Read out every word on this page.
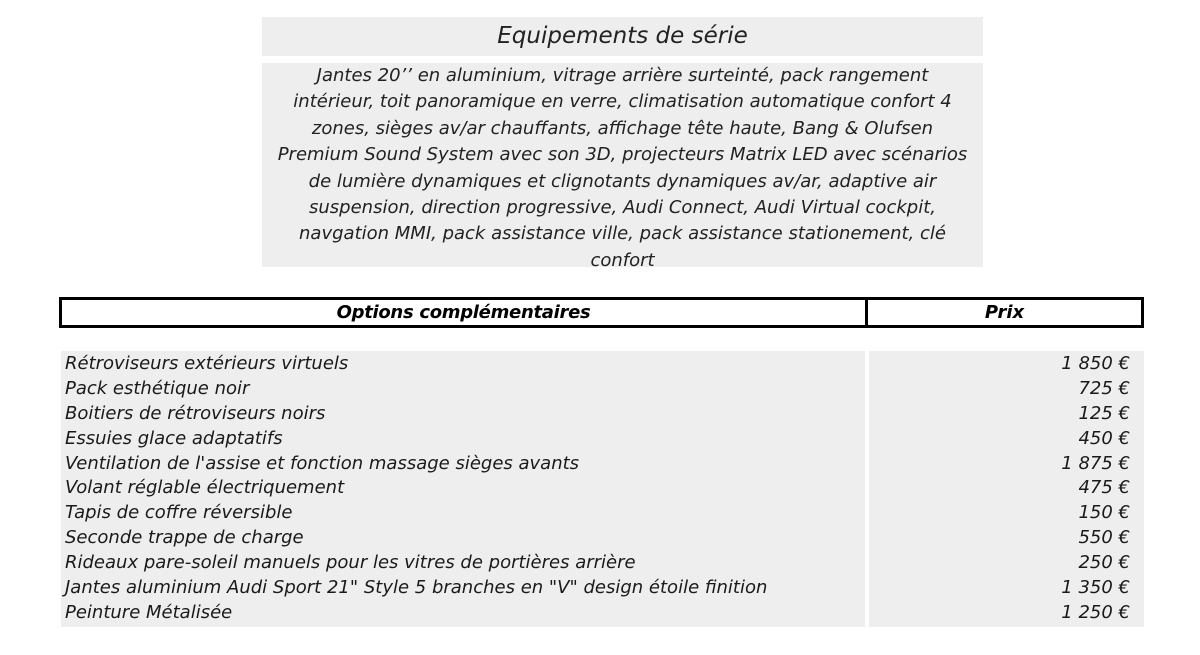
Equipements de série
Jantes 20’’ en aluminium, vitrage arrière surteinté, pack rangement
intérieur, toit panoramique en verre, climatisation automatique confort 4
zones, sièges av/ar chauffants, affichage tête haute, Bang & Olufsen
Premium Sound System avec son 3D, projecteurs Matrix LED avec scénarios
de lumière dynamiques et clignotants dynamiques av/ar, adaptive air
suspension, direction progressive, Audi Connect, Audi Virtual cockpit,
navgation MMI, pack assistance ville, pack assistance stationement, clé
confort
Options complémentaires	Prix
Rétroviseurs extérieurs virtuels
Pack esthétique noir
Boitiers de rétroviseurs noirs
Essuies glace adaptatifs
Ventilation de l'assise et fonction massage sièges avants
Volant réglable électriquement
Tapis de coffre réversible
Seconde trappe de charge
Rideaux pare-soleil manuels pour les vitres de portières arrière
Jantes aluminium Audi Sport 21" Style 5 branches en "V" design étoile finition
Peinture Métalisée
1 850 €
725 €
125 €
450 €
1 875 €
475 €
150 €
550 €
250 €
1 350 €
1 250 €
